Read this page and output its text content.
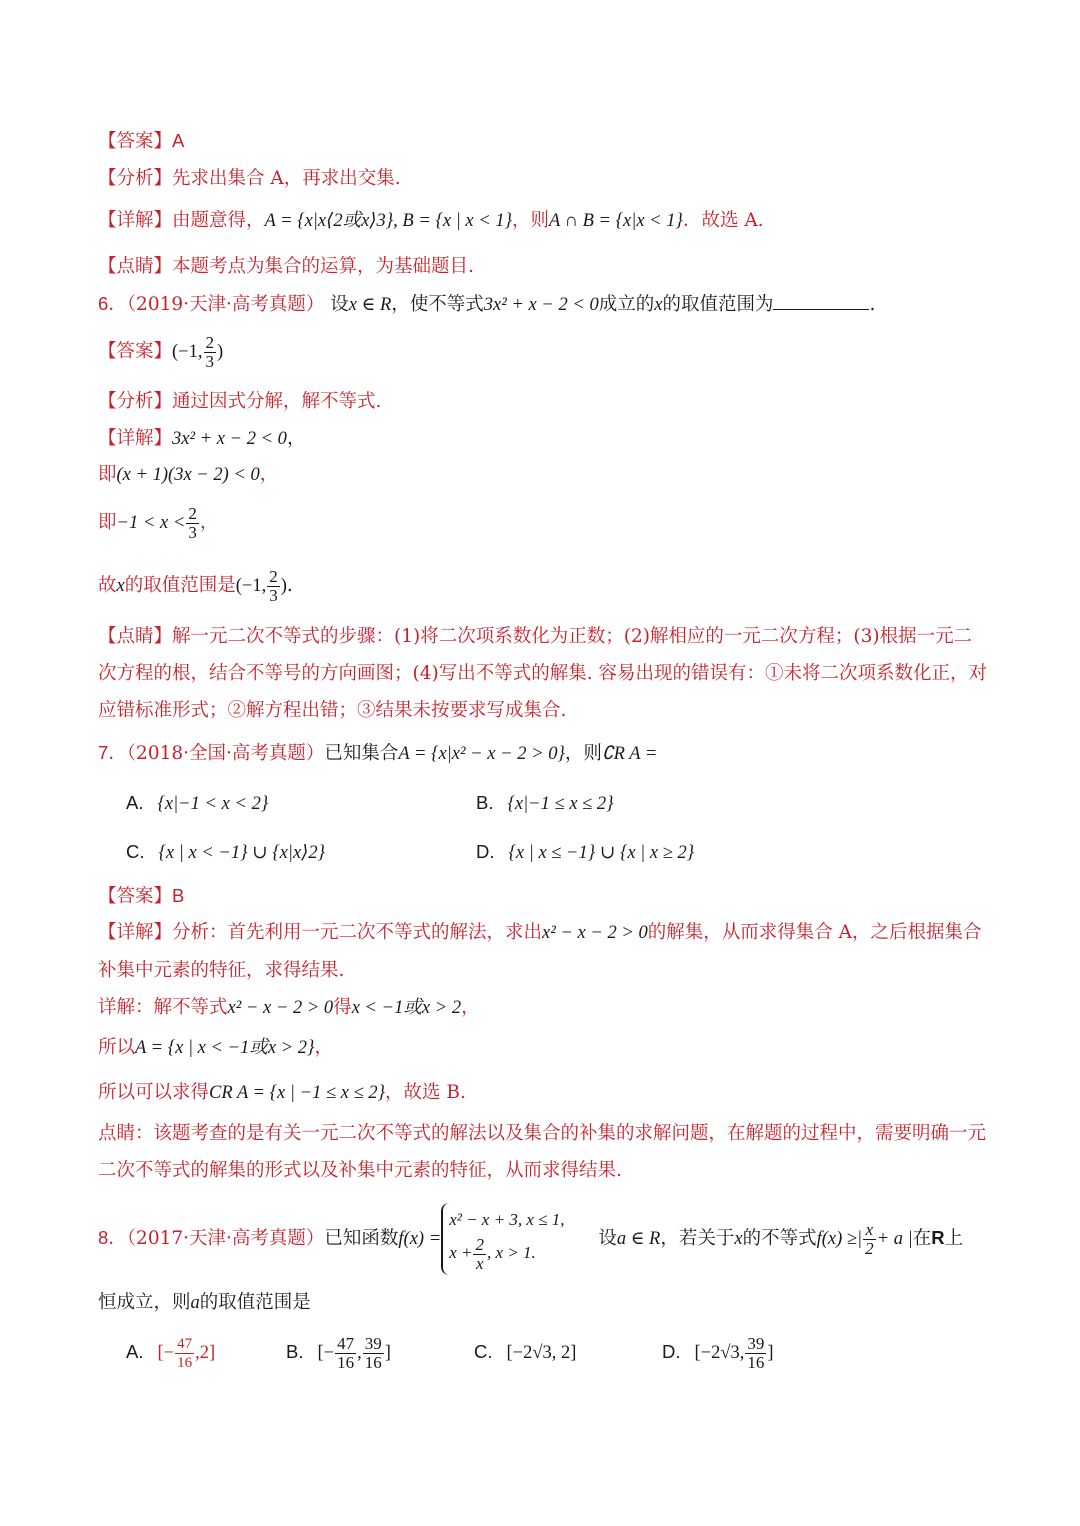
【答案】A
【分析】先求出集合 A，再求出交集.
【详解】由题意得，A = {x|x⟨2或x⟩3}, B = {x | x < 1}，则A ∩ B = {x|x < 1}．故选 A.
【点睛】本题考点为集合的运算，为基础题目.
6．（2019·天津·高考真题） 设x ∈ R，使不等式3x² + x − 2 < 0成立的x的取值范围为	.
【答案】(−1, $\frac{2}{3}$ )
【分析】通过因式分解，解不等式.
【详解】3x² + x − 2 < 0，
即(x + 1)(3x − 2) < 0，
即$-1 < x < \frac{2}{3}$ ，
故x的取值范围是(−1, $\frac{2}{3}$ ).
【点睛】解一元二次不等式的步骤：(1)将二次项系数化为正数；(2)解相应的一元二次方程；(3)根据一元二次方程的根，结合不等号的方向画图；(4)写出不等式的解集. 容易出现的错误有：①未将二次项系数化正，对应错标准形式；②解方程出错；③结果未按要求写成集合.
7．（2018·全国·高考真题）已知集合A = {x|x² − x − 2 > 0}，则∁R A =
A. {x|−1 < x < 2}	B. {x|−1 ≤ x ≤ 2}
C. {x | x < −1} ∪ {x|x⟩2}	D. {x | x ≤ −1} ∪ {x | x ≥ 2}
【答案】B
【详解】分析：首先利用一元二次不等式的解法，求出x² − x − 2 > 0的解集，从而求得集合 A，之后根据集合补集中元素的特征，求得结果.
详解：解不等式x² − x − 2 > 0得x < −1或x > 2，
所以A = {x | x < −1或x > 2}，
所以可以求得CR A = {x | −1 ≤ x ≤ 2}，故选 B.
点睛：该题考查的是有关一元二次不等式的解法以及集合的补集的求解问题，在解题的过程中，需要明确一元二次不等式的解集的形式以及补集中元素的特征，从而求得结果.
8．（2017·天津·高考真题）已知函数f(x) =
x² − x + 3, x ≤ 1,
$x + \frac{2}{x}$ , x > 1.
设a ∈ R，若关于x的不等式f(x) ≥| $\frac{x}{2} + a$ |在R上
恒成立，则a的取值范围是
A. [− $\frac{47}{16} ,2$]	B. [− $\frac{47}{16}$ , $\frac{39}{16}$ ]	C. [−2√3, 2]	D. [−2√3, $\frac{39}{16}$ ]
